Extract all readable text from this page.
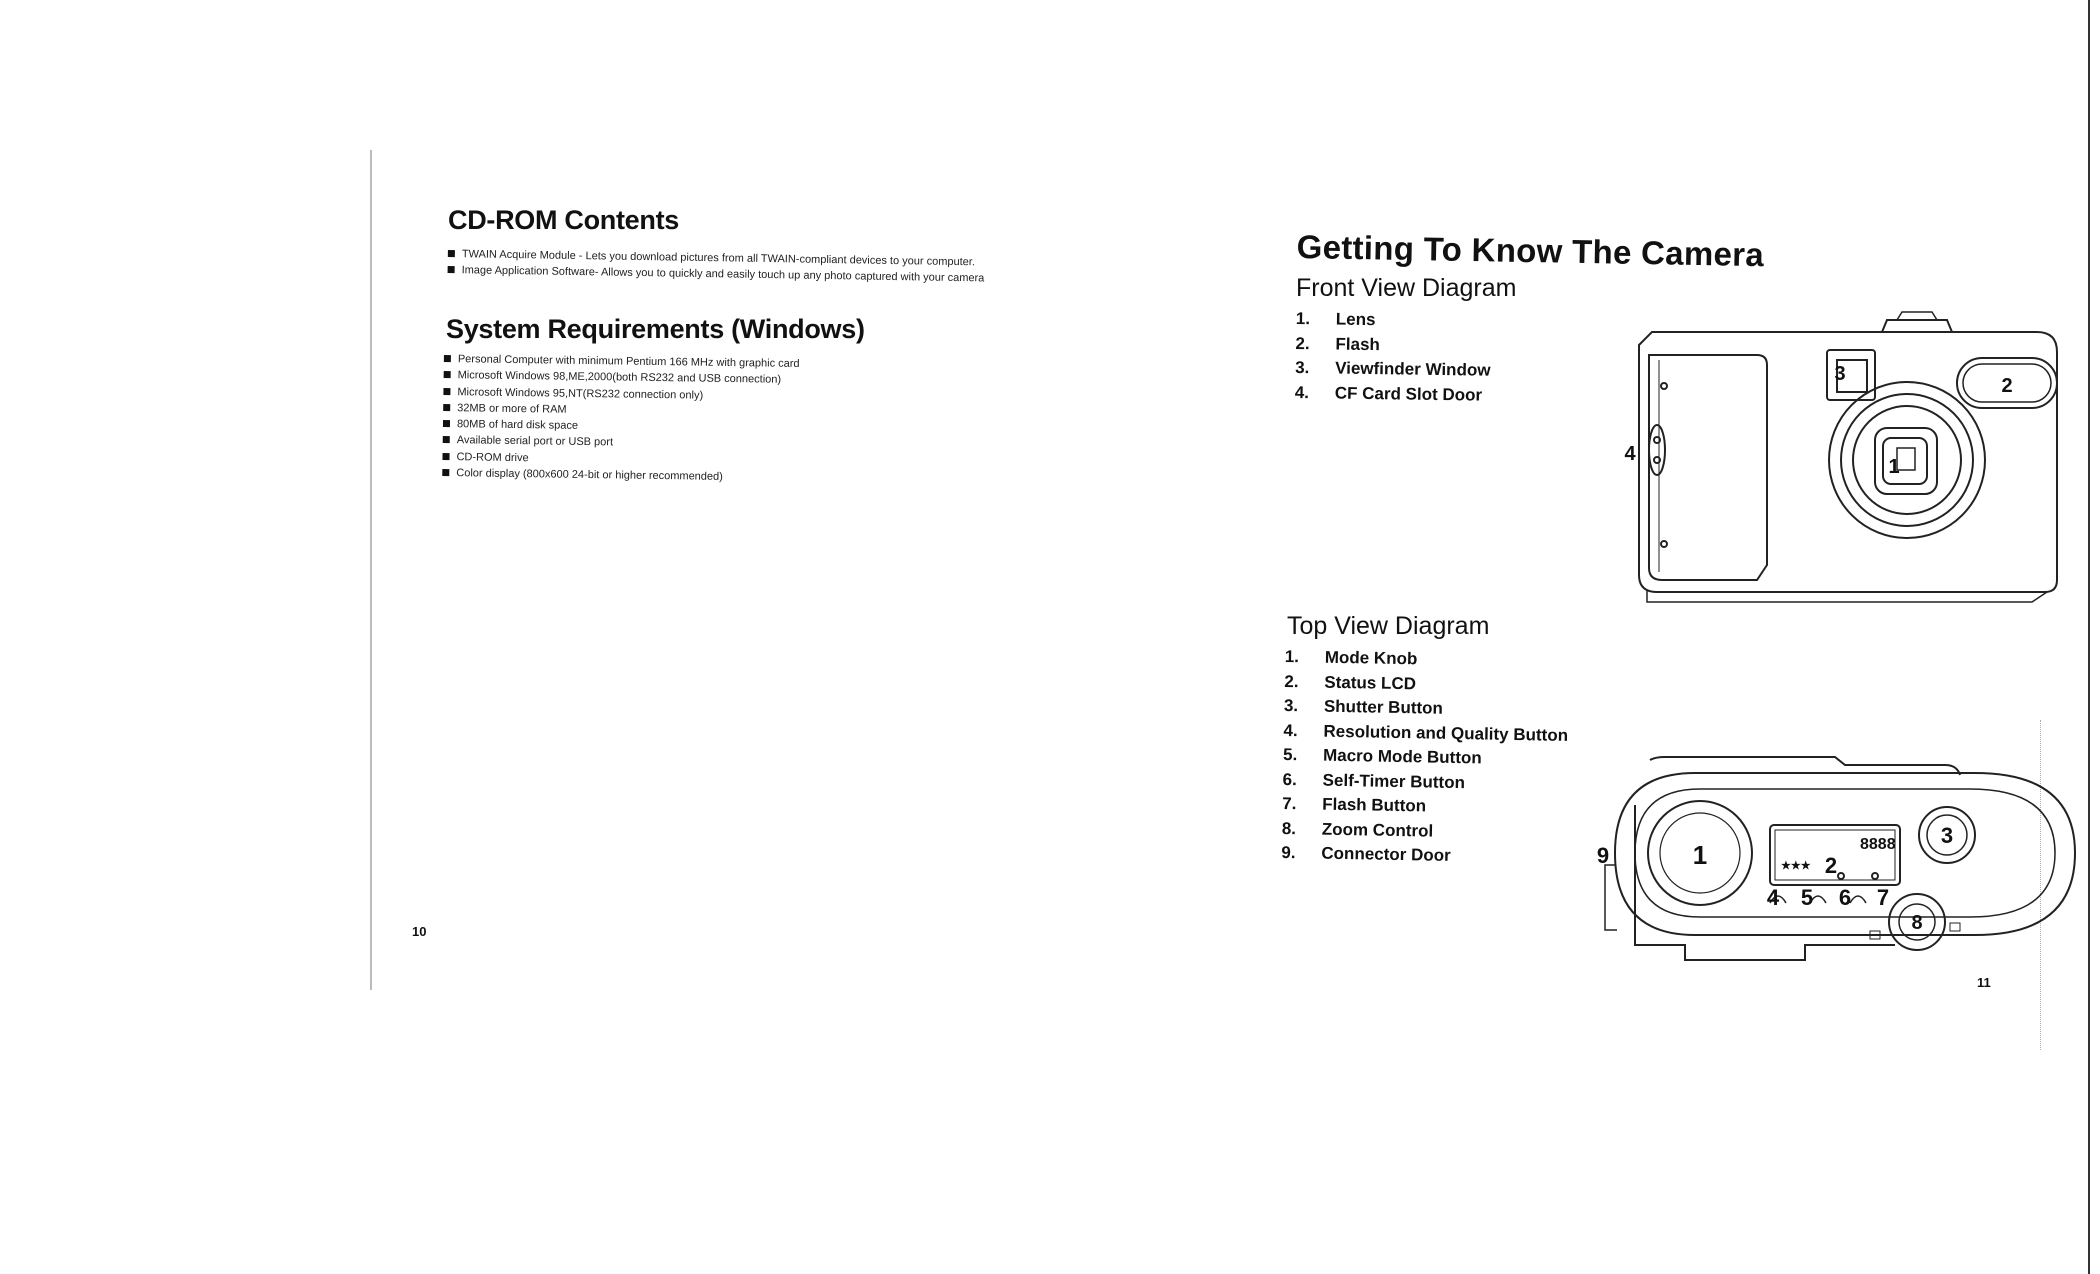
CD-ROM Contents
TWAIN Acquire Module - Lets you download pictures from all TWAIN-compliant devices to your computer.
Image Application Software- Allows you to quickly and easily touch up any photo captured with your camera
System Requirements (Windows)
Personal Computer with minimum Pentium 166 MHz with graphic card
Microsoft Windows 98,ME,2000(both RS232 and USB connection)
Microsoft Windows 95,NT(RS232 connection only)
32MB or more of RAM
80MB of hard disk space
Available serial port or USB port
CD-ROM drive
Color display (800x600 24-bit or higher recommended)
10
Getting To Know The Camera
Front View Diagram
1. Lens
2. Flash
3. Viewfinder Window
4. CF Card Slot Door
1
2
3
4
Top View Diagram
1. Mode Knob
2. Status LCD
3. Shutter Button
4. Resolution and Quality Button
5. Macro Mode Button
6. Self-Timer Button
7. Flash Button
8. Zoom Control
9. Connector Door	1	2
8888
★★★
3
4 5 6 7
8
9
11
